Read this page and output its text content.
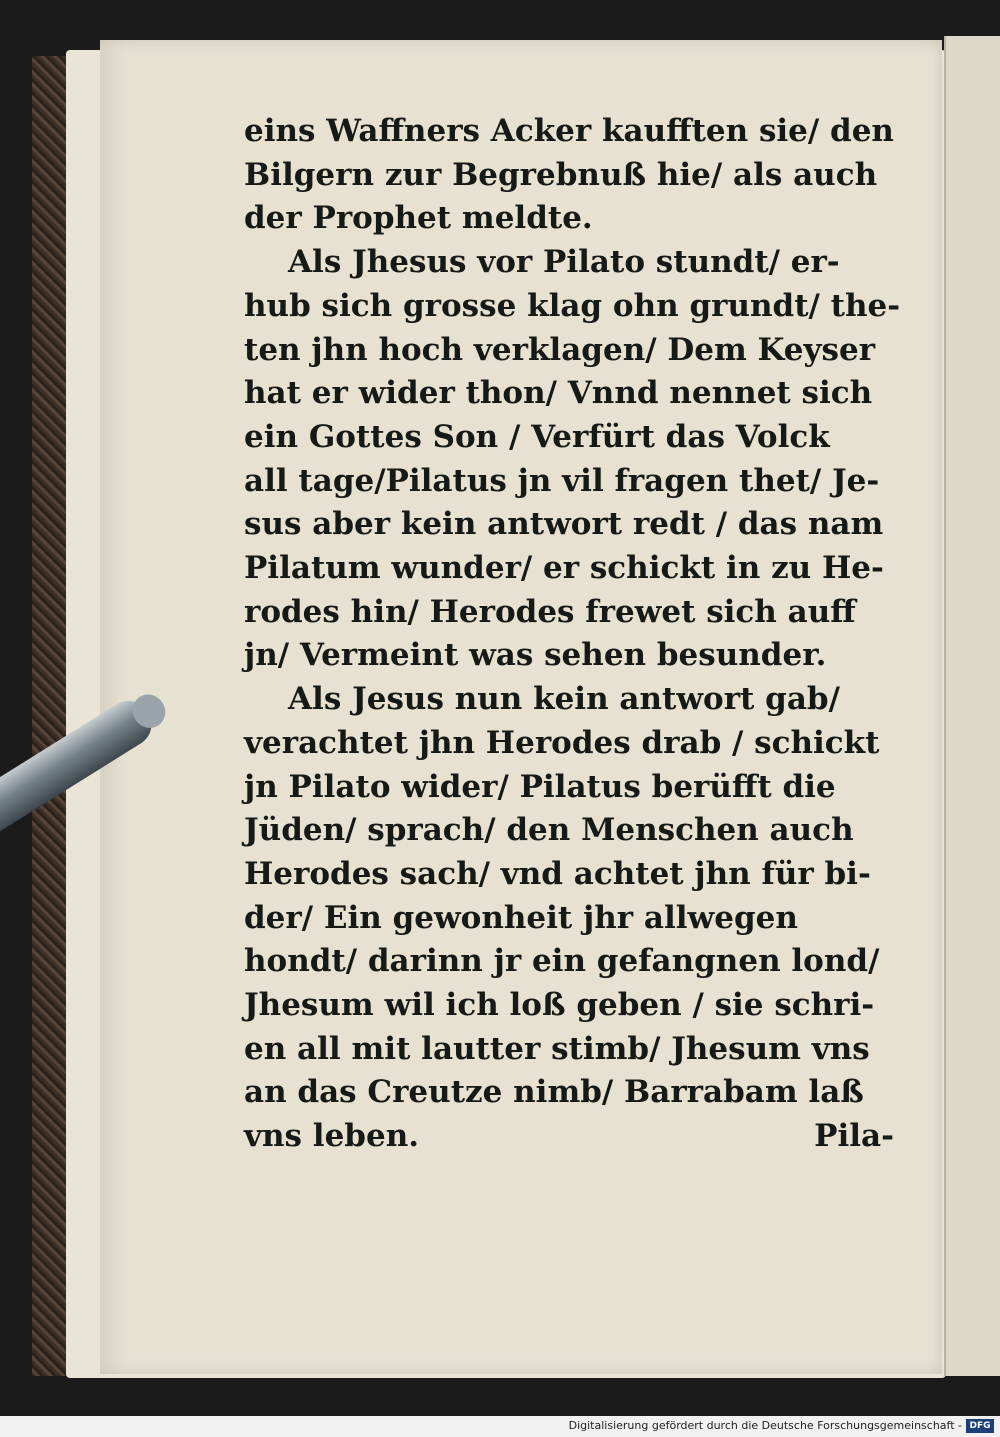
eins Waffners Acker kaufften sie/ den
Bilgern zur Begrebnuß hie/ als auch
der Prophet meldte.
Als Jhesus vor Pilato stundt/ er-
hub sich grosse klag ohn grundt/ the-
ten jhn hoch verklagen/ Dem Keyser
hat er wider thon/ Vnnd nennet sich
ein Gottes Son / Verfürt das Volck
all tage/Pilatus jn vil fragen thet/ Je-
sus aber kein antwort redt / das nam
Pilatum wunder/ er schickt in zu He-
rodes hin/ Herodes frewet sich auff
jn/ Vermeint was sehen besunder.
Als Jesus nun kein antwort gab/
verachtet jhn Herodes drab / schickt
jn Pilato wider/ Pilatus berüfft die
Jüden/ sprach/ den Menschen auch
Herodes sach/ vnd achtet jhn für bi-
der/ Ein gewonheit jhr allwegen
hondt/ darinn jr ein gefangnen lond/
Jhesum wil ich loß geben / sie schri-
en all mit lautter stimb/ Jhesum vns
an das Creutze nimb/ Barrabam laß
vns leben.	Pila-
Digitalisierung gefördert durch die Deutsche Forschungsgemeinschaft - DFG
